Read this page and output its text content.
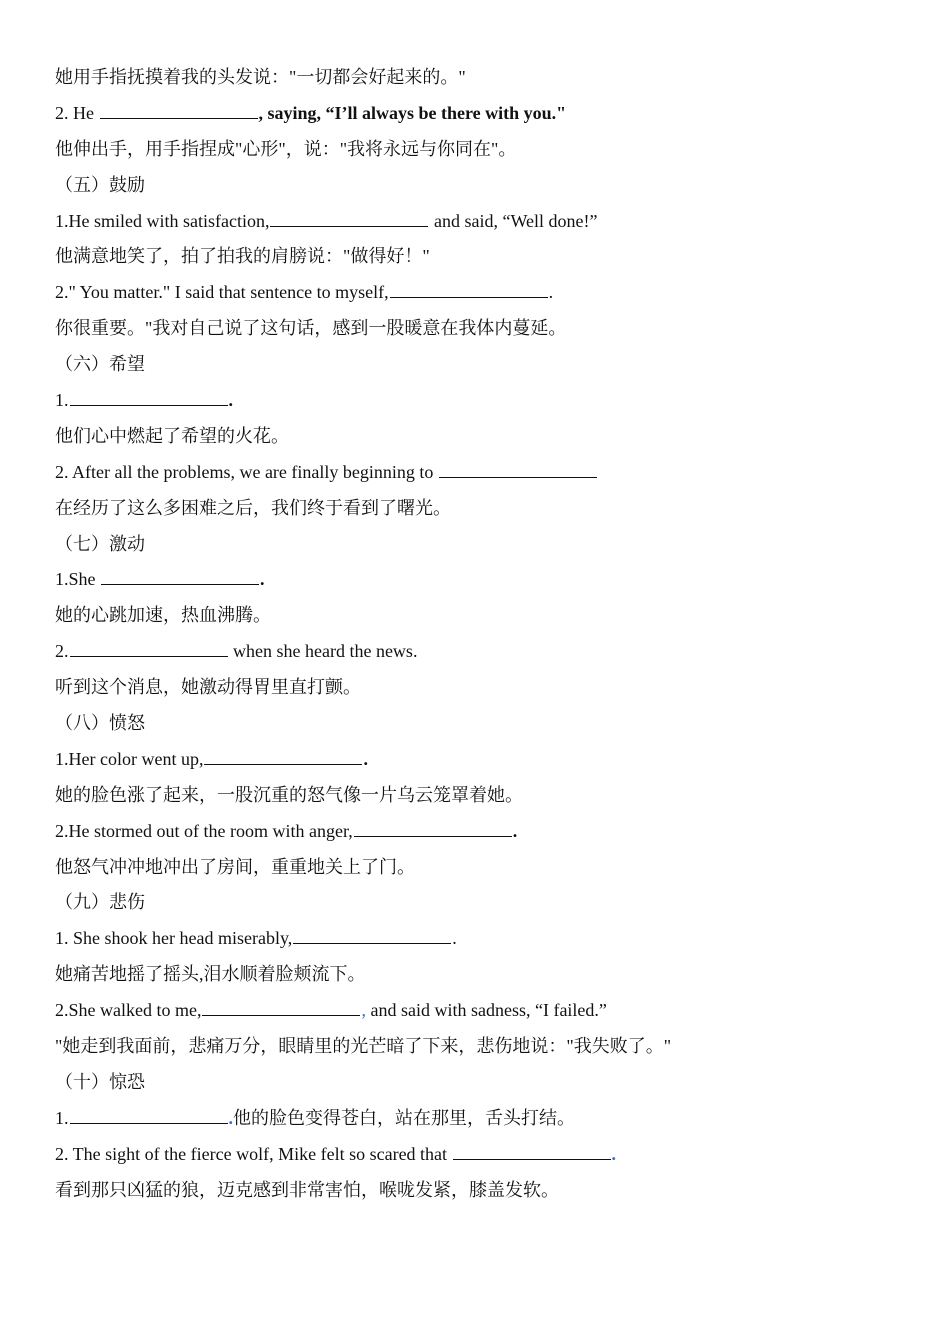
她用手指抚摸着我的头发说："一切都会好起来的。"
2. He	, saying, “I’ll always be there with you."
他伸出手，用手指捏成"心形"，说："我将永远与你同在"。
（五）鼓励
1.He smiled with satisfaction,	and said, “Well done!”
他满意地笑了，拍了拍我的肩膀说："做得好！"
2." You matter." I said that sentence to myself,	.
你很重要。"我对自己说了这句话，感到一股暖意在我体内蔓延。
（六）希望
1.	.
他们心中燃起了希望的火花。
2. After all the problems, we are finally beginning to
在经历了这么多困难之后，我们终于看到了曙光。
（七）激动
1.She	.
她的心跳加速，热血沸腾。
2.	when she heard the news.
听到这个消息，她激动得胃里直打颤。
（八）愤怒
1.Her color went up,	.
她的脸色涨了起来，一股沉重的怒气像一片乌云笼罩着她。
2.He stormed out of the room with anger,	.
他怒气冲冲地冲出了房间，重重地关上了门。
（九）悲伤
1. She shook her head miserably,	.
她痛苦地摇了摇头,泪水顺着脸颊流下。
2.She walked to me,	, and said with sadness, “I failed.”
"她走到我面前，悲痛万分，眼睛里的光芒暗了下来，悲伤地说："我失败了。"
（十）惊恐
1.	.他的脸色变得苍白，站在那里，舌头打结。
2. The sight of the fierce wolf, Mike felt so scared that	.
看到那只凶猛的狼，迈克感到非常害怕，喉咙发紧，膝盖发软。
